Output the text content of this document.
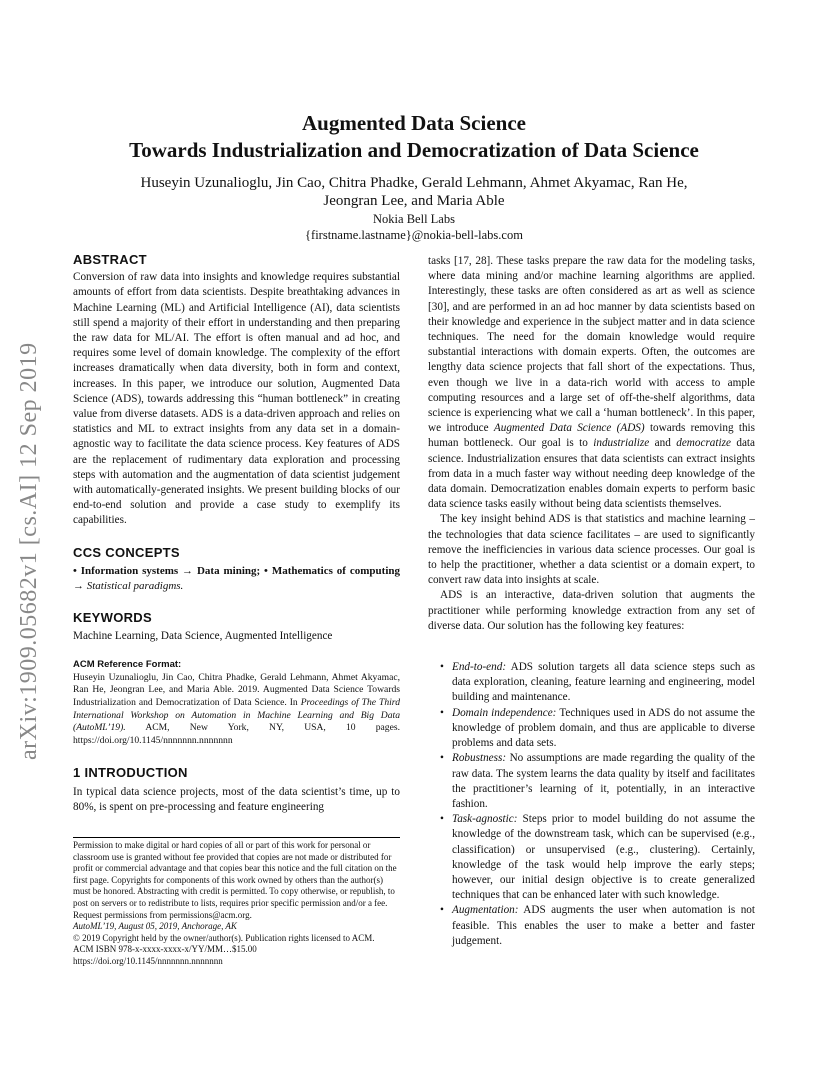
arXiv:1909.05682v1 [cs.AI] 12 Sep 2019
Augmented Data Science
Towards Industrialization and Democratization of Data Science
Huseyin Uzunalioglu, Jin Cao, Chitra Phadke, Gerald Lehmann, Ahmet Akyamac, Ran He,
Jeongran Lee, and Maria Able
Nokia Bell Labs
{firstname.lastname}@nokia-bell-labs.com
ABSTRACT

Conversion of raw data into insights and knowledge requires substantial amounts of effort from data scientists. Despite breathtaking advances in Machine Learning (ML) and Artificial Intelligence (AI), data scientists still spend a majority of their effort in understanding and then preparing the raw data for ML/AI. The effort is often manual and ad hoc, and requires some level of domain knowledge. The complexity of the effort increases dramatically when data diversity, both in form and context, increases. In this paper, we introduce our solution, Augmented Data Science (ADS), towards addressing this “human bottleneck” in creating value from diverse datasets. ADS is a data-driven approach and relies on statistics and ML to extract insights from any data set in a domain-agnostic way to facilitate the data science process. Key features of ADS are the replacement of rudimentary data exploration and processing steps with automation and the augmentation of data scientist judgement with automatically-generated insights. We present building blocks of our end-to-end solution and provide a case study to exemplify its capabilities.

CCS CONCEPTS

• Information systems → Data mining; • Mathematics of computing → Statistical paradigms.

KEYWORDS

Machine Learning, Data Science, Augmented Intelligence

ACM Reference Format:

Huseyin Uzunalioglu, Jin Cao, Chitra Phadke, Gerald Lehmann, Ahmet Akyamac, Ran He, Jeongran Lee, and Maria Able. 2019. Augmented Data Science Towards Industrialization and Democratization of Data Science. In Proceedings of The Third International Workshop on Automation in Machine Learning and Big Data (AutoML’19). ACM, New York, NY, USA, 10 pages. https://doi.org/10.1145/nnnnnnn.nnnnnnn

1 INTRODUCTION

In typical data science projects, most of the data scientist’s time, up to 80%, is spent on pre-processing and feature engineering

Permission to make digital or hard copies of all or part of this work for personal or classroom use is granted without fee provided that copies are not made or distributed for profit or commercial advantage and that copies bear this notice and the full citation on the first page. Copyrights for components of this work owned by others than the author(s) must be honored. Abstracting with credit is permitted. To copy otherwise, or republish, to post on servers or to redistribute to lists, requires prior specific permission and/or a fee. Request permissions from permissions@acm.org.

AutoML’19, August 05, 2019, Anchorage, AK

© 2019 Copyright held by the owner/author(s). Publication rights licensed to ACM.

ACM ISBN 978-x-xxxx-xxxx-x/YY/MM…$15.00

https://doi.org/10.1145/nnnnnnn.nnnnnnn

tasks [17, 28]. These tasks prepare the raw data for the modeling tasks, where data mining and/or machine learning algorithms are applied. Interestingly, these tasks are often considered as art as well as science [30], and are performed in an ad hoc manner by data scientists based on their knowledge and experience in the subject matter and in data science techniques. The need for the domain knowledge would require substantial interactions with domain experts. Often, the outcomes are lengthy data science projects that fall short of the expectations. Thus, even though we live in a data-rich world with access to ample computing resources and a large set of off-the-shelf algorithms, data science is experiencing what we call a ‘human bottleneck’. In this paper, we introduce Augmented Data Science (ADS) towards removing this human bottleneck. Our goal is to industrialize and democratize data science. Industrialization ensures that data scientists can extract insights from data in a much faster way without needing deep knowledge of the data domain. Democratization enables domain experts to perform basic data science tasks easily without being data scientists themselves.

The key insight behind ADS is that statistics and machine learning – the technologies that data science facilitates – are used to significantly remove the inefficiencies in various data science processes. Our goal is to help the practitioner, whether a data scientist or a domain expert, to convert raw data into insights at scale.

ADS is an interactive, data-driven solution that augments the practitioner while performing knowledge extraction from any set of diverse data. Our solution has the following key features:

• End-to-end: ADS solution targets all data science steps such as data exploration, cleaning, feature learning and engineering, model building and maintenance.
• Domain independence: Techniques used in ADS do not assume the knowledge of problem domain, and thus are applicable to diverse problems and data sets.
• Robustness: No assumptions are made regarding the quality of the raw data. The system learns the data quality by itself and facilitates the practitioner’s learning of it, potentially, in an interactive fashion.
• Task-agnostic: Steps prior to model building do not assume the knowledge of the downstream task, which can be supervised (e.g., classification) or unsupervised (e.g., clustering). Certainly, knowledge of the task would help improve the early steps; however, our initial design objective is to create generalized techniques that can be enhanced later with such knowledge.
• Augmentation: ADS augments the user when automation is not feasible. This enables the user to make a better and faster judgement.
